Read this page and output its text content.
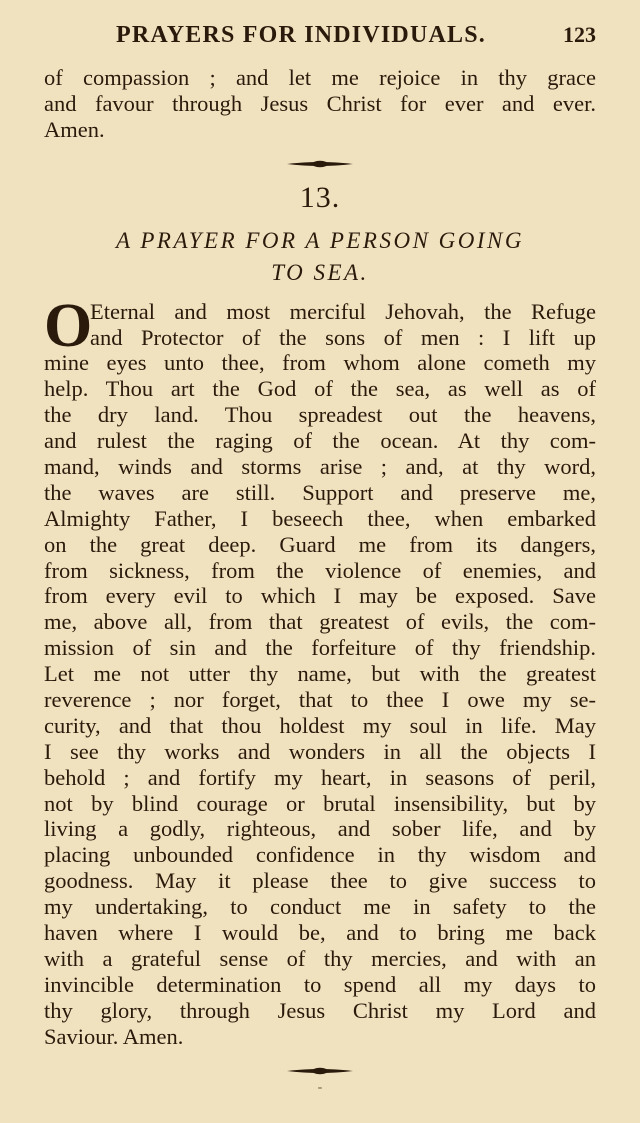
PRAYERS FOR INDIVIDUALS.	123
of compassion ; and let me rejoice in thy grace
and favour through Jesus Christ for ever and ever.
Amen.
13.
A PRAYER FOR A PERSON GOING
TO SEA.
O
Eternal and most merciful Jehovah, the Refuge
and Protector of the sons of men : I lift up
mine eyes unto thee, from whom alone cometh my
help. Thou art the God of the sea, as well as of
the dry land. Thou spreadest out the heavens,
and rulest the raging of the ocean. At thy com-
mand, winds and storms arise ; and, at thy word,
the waves are still. Support and preserve me,
Almighty Father, I beseech thee, when embarked
on the great deep. Guard me from its dangers,
from sickness, from the violence of enemies, and
from every evil to which I may be exposed. Save
me, above all, from that greatest of evils, the com-
mission of sin and the forfeiture of thy friendship.
Let me not utter thy name, but with the greatest
reverence ; nor forget, that to thee I owe my se-
curity, and that thou holdest my soul in life. May
I see thy works and wonders in all the objects I
behold ; and fortify my heart, in seasons of peril,
not by blind courage or brutal insensibility, but by
living a godly, righteous, and sober life, and by
placing unbounded confidence in thy wisdom and
goodness. May it please thee to give success to
my undertaking, to conduct me in safety to the
haven where I would be, and to bring me back
with a grateful sense of thy mercies, and with an
invincible determination to spend all my days to
thy glory, through Jesus Christ my Lord and
Saviour. Amen.
-
